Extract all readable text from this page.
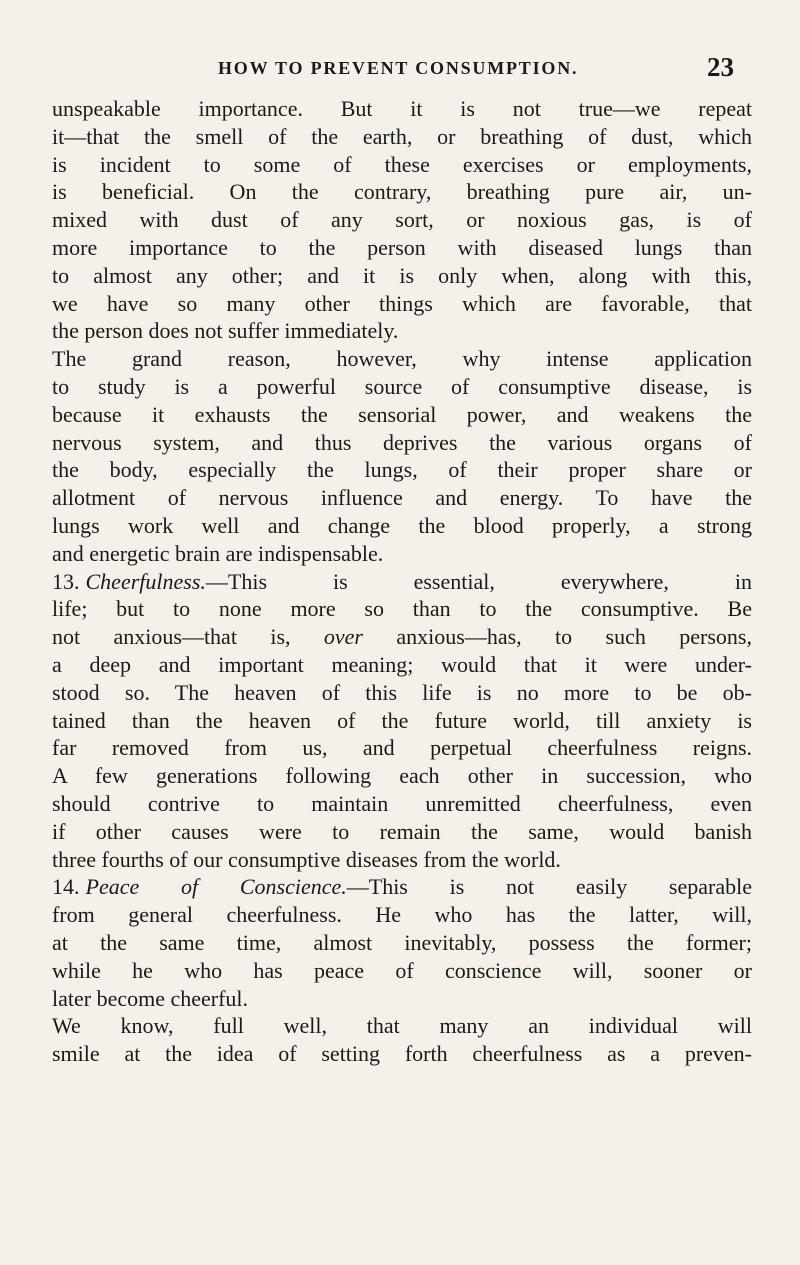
HOW TO PREVENT CONSUMPTION.	23
unspeakable importance. But it is not true—we repeat
it—that the smell of the earth, or breathing of dust, which
is incident to some of these exercises or employments,
is beneficial. On the contrary, breathing pure air, un-
mixed with dust of any sort, or noxious gas, is of
more importance to the person with diseased lungs than
to almost any other; and it is only when, along with this,
we have so many other things which are favorable, that
the person does not suffer immediately.
The grand reason, however, why intense application
to study is a powerful source of consumptive disease, is
because it exhausts the sensorial power, and weakens the
nervous system, and thus deprives the various organs of
the body, especially the lungs, of their proper share or
allotment of nervous influence and energy. To have the
lungs work well and change the blood properly, a strong
and energetic brain are indispensable.
13. Cheerfulness.—This is essential, everywhere, in
life; but to none more so than to the consumptive. Be
not anxious—that is, over anxious—has, to such persons,
a deep and important meaning; would that it were under-
stood so. The heaven of this life is no more to be ob-
tained than the heaven of the future world, till anxiety is
far removed from us, and perpetual cheerfulness reigns.
A few generations following each other in succession, who
should contrive to maintain unremitted cheerfulness, even
if other causes were to remain the same, would banish
three fourths of our consumptive diseases from the world.
14. Peace of Conscience.—This is not easily separable
from general cheerfulness. He who has the latter, will,
at the same time, almost inevitably, possess the former;
while he who has peace of conscience will, sooner or
later become cheerful.
We know, full well, that many an individual will
smile at the idea of setting forth cheerfulness as a preven-
